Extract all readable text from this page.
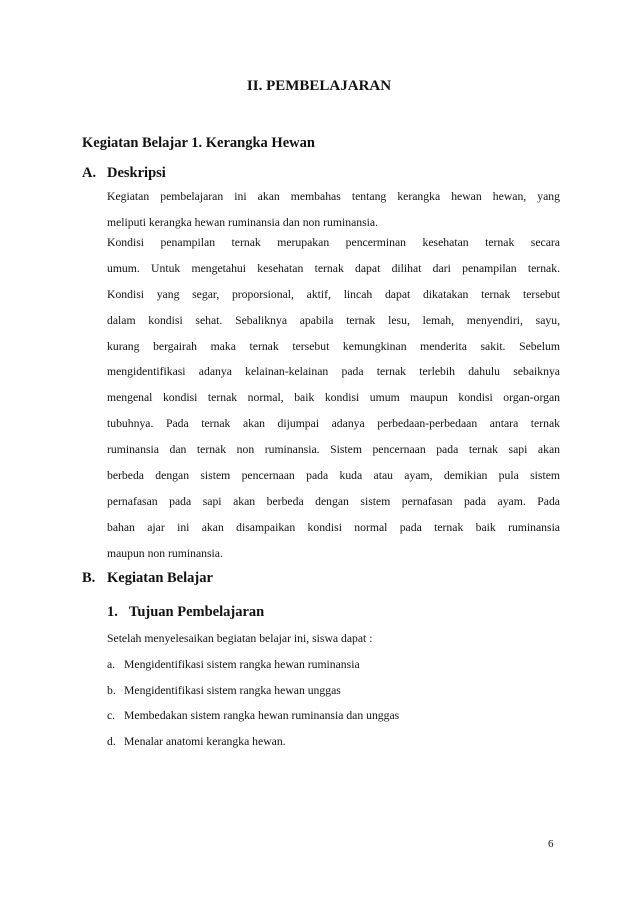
II. PEMBELAJARAN
Kegiatan Belajar 1. Kerangka Hewan
A. Deskripsi
Kegiatan pembelajaran ini akan membahas tentang kerangka hewan hewan, yang
meliputi kerangka hewan ruminansia dan non ruminansia.
Kondisi penampilan ternak merupakan pencerminan kesehatan ternak secara
umum. Untuk mengetahui kesehatan ternak dapat dilihat dari penampilan ternak.
Kondisi yang segar, proporsional, aktif, lincah dapat dikatakan ternak tersebut
dalam kondisi sehat. Sebaliknya apabila ternak lesu, lemah, menyendiri, sayu,
kurang bergairah maka ternak tersebut kemungkinan menderita sakit. Sebelum
mengidentifikasi adanya kelainan-kelainan pada ternak terlebih dahulu sebaiknya
mengenal kondisi ternak normal, baik kondisi umum maupun kondisi organ-organ
tubuhnya. Pada ternak akan dijumpai adanya perbedaan-perbedaan antara ternak
ruminansia dan ternak non ruminansia. Sistem pencernaan pada ternak sapi akan
berbeda dengan sistem pencernaan pada kuda atau ayam, demikian pula sistem
pernafasan pada sapi akan berbeda dengan sistem pernafasan pada ayam. Pada
bahan ajar ini akan disampaikan kondisi normal pada ternak baik ruminansia
maupun non ruminansia.
B. Kegiatan Belajar
1. Tujuan Pembelajaran
Setelah menyelesaikan begiatan belajar ini, siswa dapat :
a. Mengidentifikasi sistem rangka hewan ruminansia
b. Mengidentifikasi sistem rangka hewan unggas
c. Membedakan sistem rangka hewan ruminansia dan unggas
d. Menalar anatomi kerangka hewan.
6
